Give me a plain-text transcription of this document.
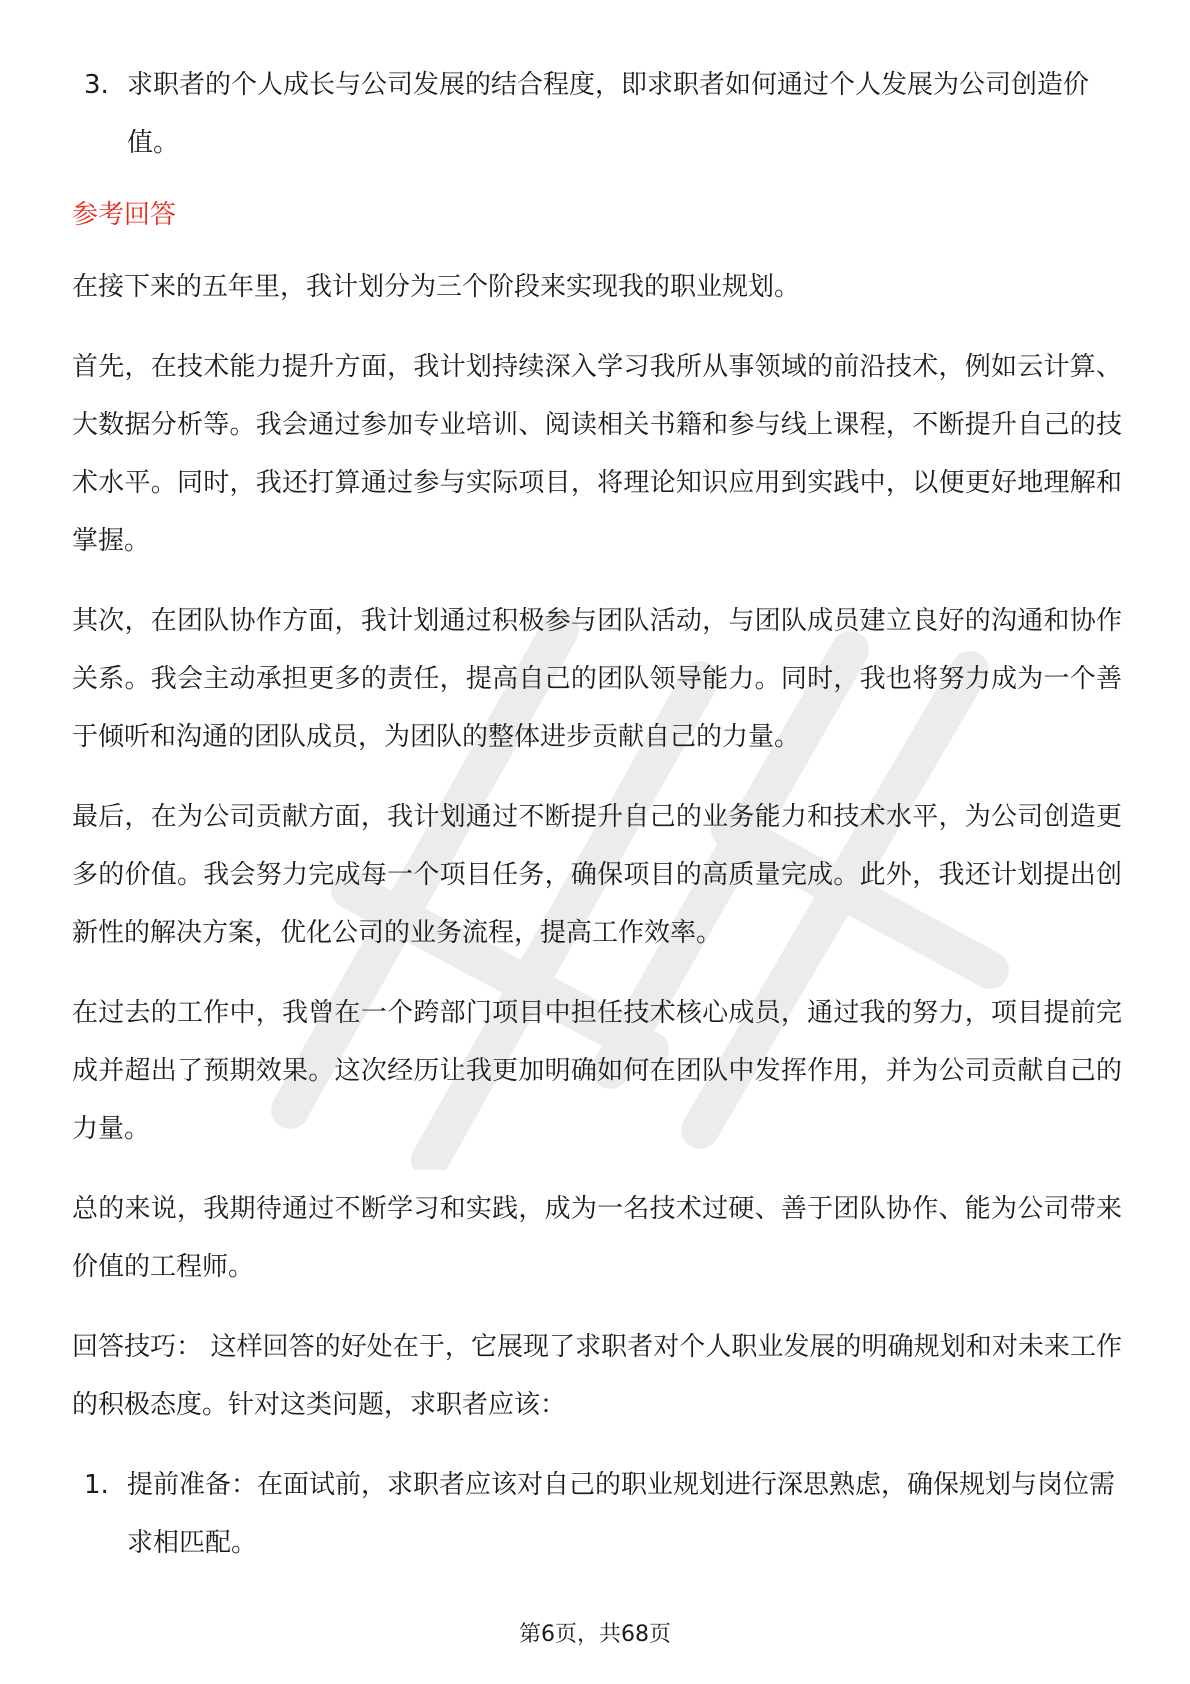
3. 求职者的个人成长与公司发展的结合程度，即求职者如何通过个人发展为公司创造价值。
参考回答

在接下来的五年里，我计划分为三个阶段来实现我的职业规划。

首先，在技术能力提升方面，我计划持续深入学习我所从事领域的前沿技术，例如云计算、大数据分析等。我会通过参加专业培训、阅读相关书籍和参与线上课程，不断提升自己的技术水平。同时，我还打算通过参与实际项目，将理论知识应用到实践中，以便更好地理解和掌握。

其次，在团队协作方面，我计划通过积极参与团队活动，与团队成员建立良好的沟通和协作关系。我会主动承担更多的责任，提高自己的团队领导能力。同时，我也将努力成为一个善于倾听和沟通的团队成员，为团队的整体进步贡献自己的力量。

最后，在为公司贡献方面，我计划通过不断提升自己的业务能力和技术水平，为公司创造更多的价值。我会努力完成每一个项目任务，确保项目的高质量完成。此外，我还计划提出创新性的解决方案，优化公司的业务流程，提高工作效率。

在过去的工作中，我曾在一个跨部门项目中担任技术核心成员，通过我的努力，项目提前完成并超出了预期效果。这次经历让我更加明确如何在团队中发挥作用，并为公司贡献自己的力量。

总的来说，我期待通过不断学习和实践，成为一名技术过硬、善于团队协作、能为公司带来价值的工程师。

回答技巧： 这样回答的好处在于，它展现了求职者对个人职业发展的明确规划和对未来工作的积极态度。针对这类问题，求职者应该：

1. 提前准备：在面试前，求职者应该对自己的职业规划进行深思熟虑，确保规划与岗位需求相匹配。
第6页，共68页
